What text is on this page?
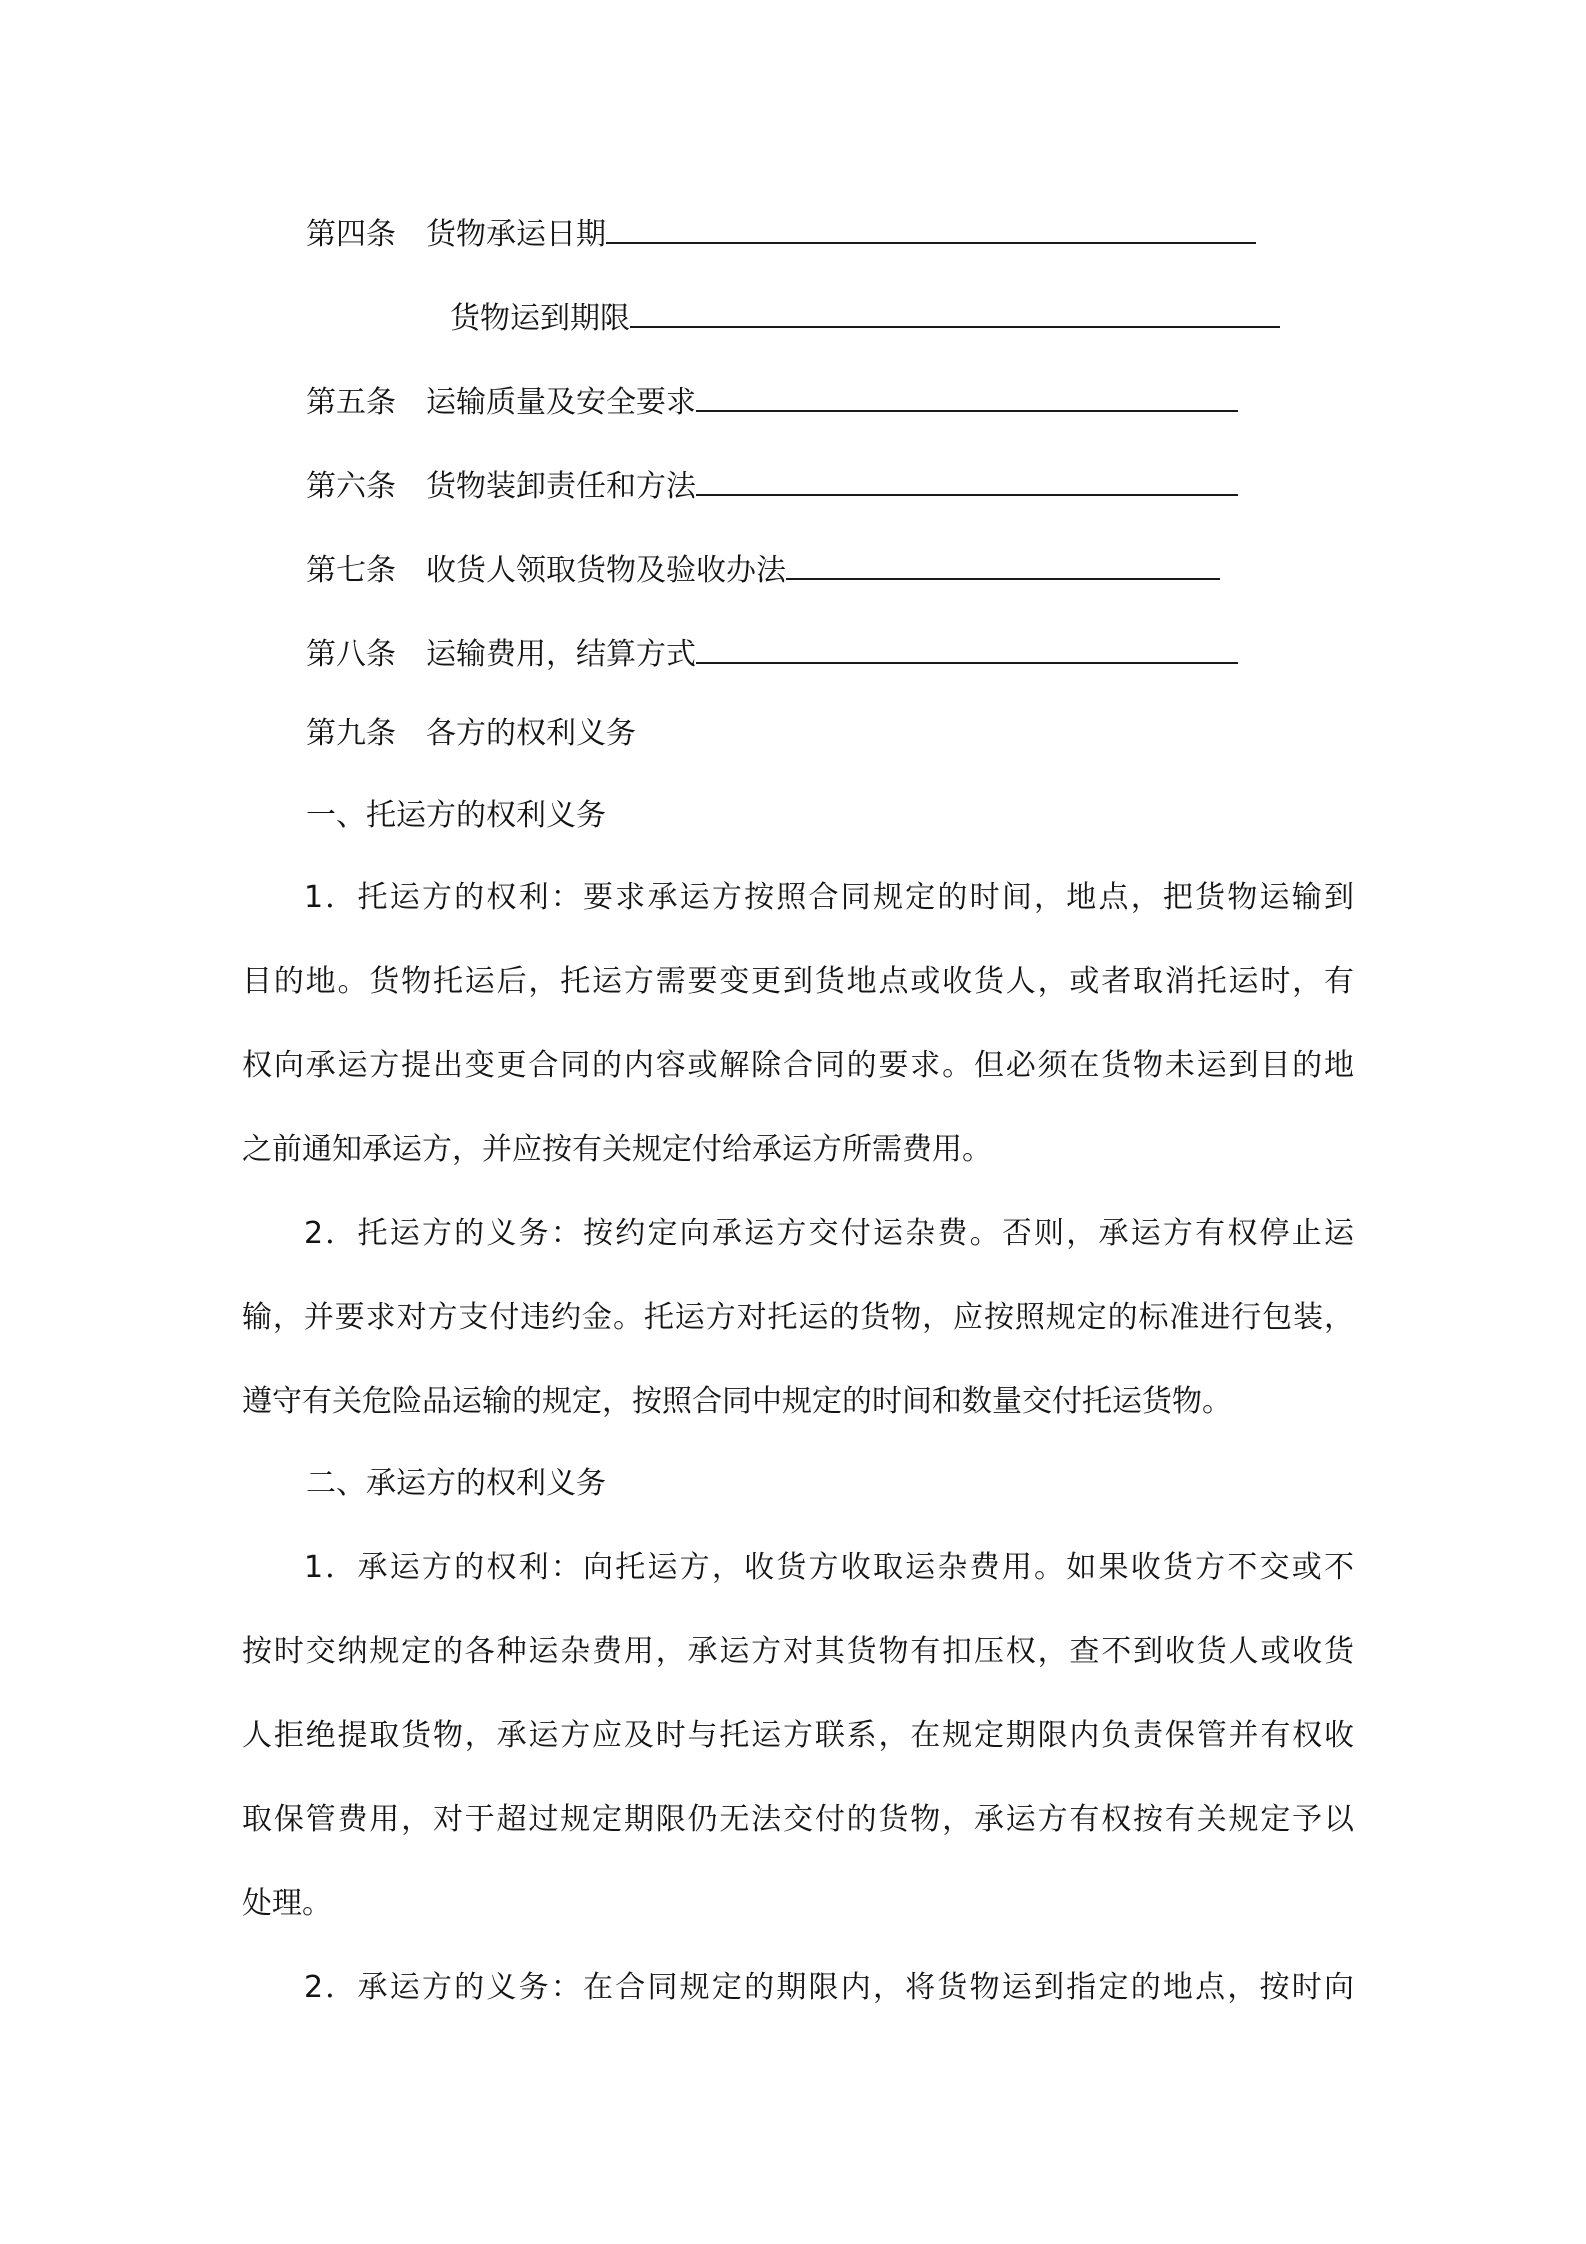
第四条 货物承运日期
货物运到期限
第五条 运输质量及安全要求
第六条 货物装卸责任和方法
第七条 收货人领取货物及验收办法
第八条 运输费用，结算方式
第九条 各方的权利义务
一、托运方的权利义务
1．托运方的权利：要求承运方按照合同规定的时间，地点，把货物运输到
目的地。货物托运后，托运方需要变更到货地点或收货人，或者取消托运时，有
权向承运方提出变更合同的内容或解除合同的要求。但必须在货物未运到目的地
之前通知承运方，并应按有关规定付给承运方所需费用。
2．托运方的义务：按约定向承运方交付运杂费。否则，承运方有权停止运
输，并要求对方支付违约金。托运方对托运的货物，应按照规定的标准进行包装，
遵守有关危险品运输的规定，按照合同中规定的时间和数量交付托运货物。
二、承运方的权利义务
1．承运方的权利：向托运方，收货方收取运杂费用。如果收货方不交或不
按时交纳规定的各种运杂费用，承运方对其货物有扣压权，查不到收货人或收货
人拒绝提取货物，承运方应及时与托运方联系，在规定期限内负责保管并有权收
取保管费用，对于超过规定期限仍无法交付的货物，承运方有权按有关规定予以
处理。
2．承运方的义务：在合同规定的期限内，将货物运到指定的地点，按时向
